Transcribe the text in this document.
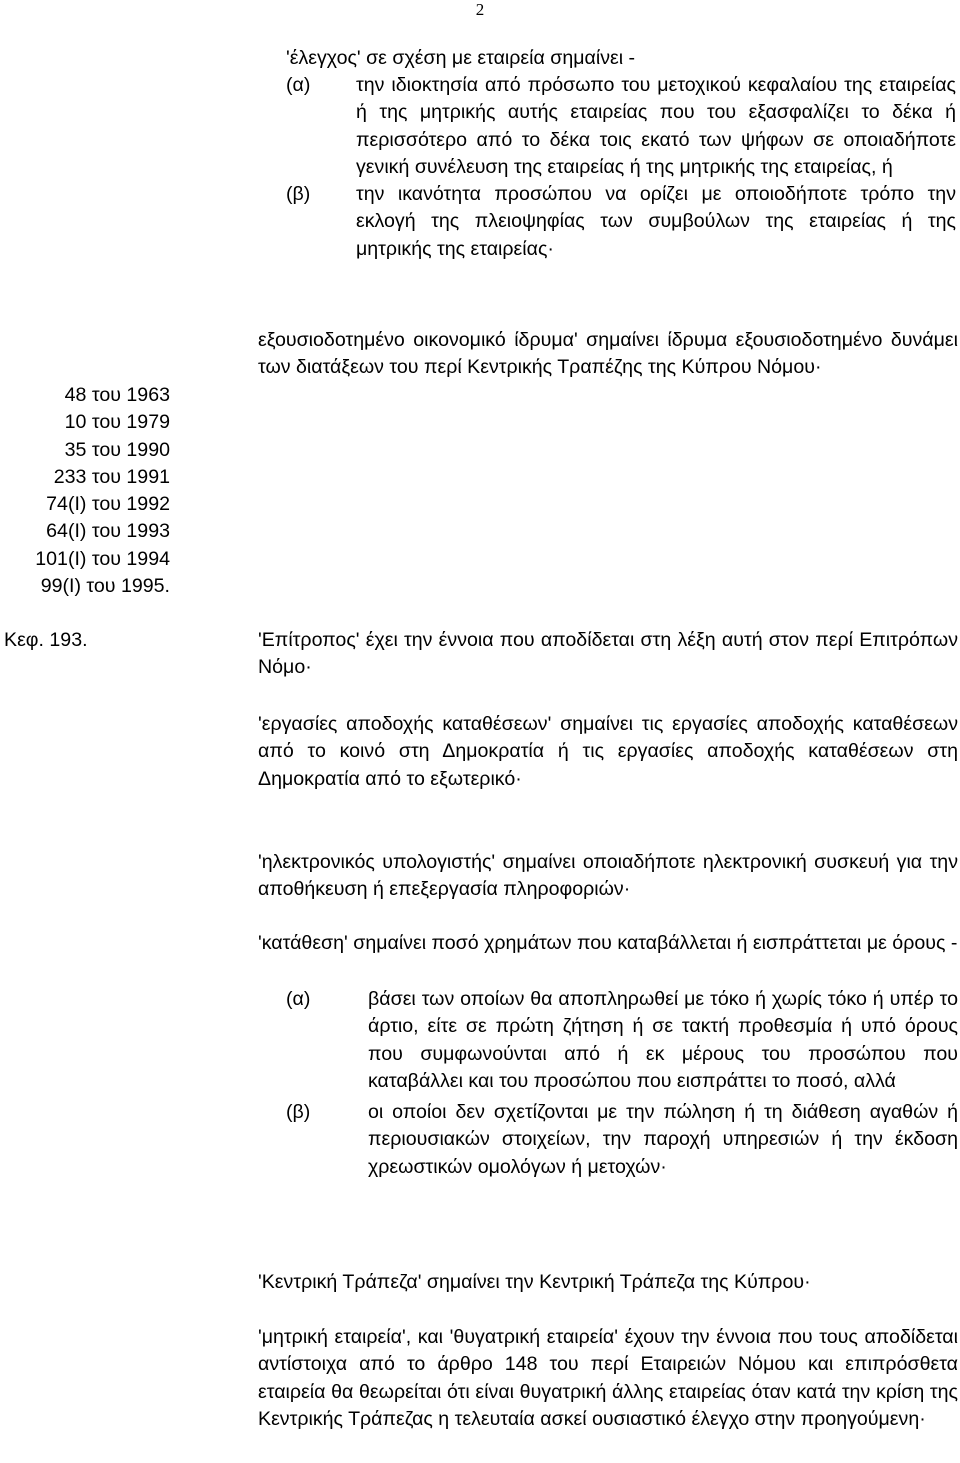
2

'έλεγχος' σε σχέση με εταιρεία σημαίνει -

(α)	την ιδιοκτησία από πρόσωπο του μετοχικού κεφαλαίου της εταιρείας ή της μητρικής αυτής εταιρείας που του εξασφαλίζει το δέκα ή περισσότερο από το δέκα τοις εκατό των ψήφων σε οποιαδήποτε γενική συνέλευση της εταιρείας ή της μητρικής της εταιρείας, ή
(β)	την ικανότητα προσώπου να ορίζει με οποιοδήποτε τρόπο την εκλογή της πλειοψηφίας των συμβούλων της εταιρείας ή της μητρικής της εταιρείας·

εξουσιοδοτημένο οικονομικό ίδρυμα' σημαίνει ίδρυμα εξουσιοδοτημένο δυνάμει των διατάξεων του περί Κεντρικής Τραπέζης της Κύπρου Νόμου·

48 του 1963
10 του 1979
35 του 1990
233 του 1991
74(Ι) του 1992
64(Ι) του 1993
101(Ι) του 1994
99(Ι) του 1995.
Κεφ. 193.	'Επίτροπος' έχει την έννοια που αποδίδεται στη λέξη αυτή στον περί Επιτρόπων Νόμο·

'εργασίες αποδοχής καταθέσεων' σημαίνει τις εργασίες αποδοχής καταθέσεων από το κοινό στη Δημοκρατία ή τις εργασίες αποδοχής καταθέσεων στη Δημοκρατία από το εξωτερικό·

'ηλεκτρονικός υπολογιστής' σημαίνει οποιαδήποτε ηλεκτρονική συσκευή για την αποθήκευση ή επεξεργασία πληροφοριών·

'κατάθεση' σημαίνει ποσό χρημάτων που καταβάλλεται ή εισπράττεται με όρους -

(α)	βάσει των οποίων θα αποπληρωθεί με τόκο ή χωρίς τόκο ή υπέρ το άρτιο, είτε σε πρώτη ζήτηση ή σε τακτή προθεσμία ή υπό όρους που συμφωνούνται από ή εκ μέρους του προσώπου που καταβάλλει και του προσώπου που εισπράττει το ποσό, αλλά
(β)	οι οποίοι δεν σχετίζονται με την πώληση ή τη διάθεση αγαθών ή περιουσιακών στοιχείων, την παροχή υπηρεσιών ή την έκδοση χρεωστικών ομολόγων ή μετοχών·

'Κεντρική Τράπεζα' σημαίνει την Κεντρική Τράπεζα της Κύπρου·

'μητρική εταιρεία', και 'θυγατρική εταιρεία' έχουν την έννοια που τους αποδίδεται αντίστοιχα από το άρθρο 148 του περί Εταιρειών Νόμου και επιπρόσθετα εταιρεία θα θεωρείται ότι είναι θυγατρική άλλης εταιρείας όταν κατά την κρίση της Κεντρικής Τράπεζας η τελευταία ασκεί ουσιαστικό έλεγχο στην προηγούμενη·
